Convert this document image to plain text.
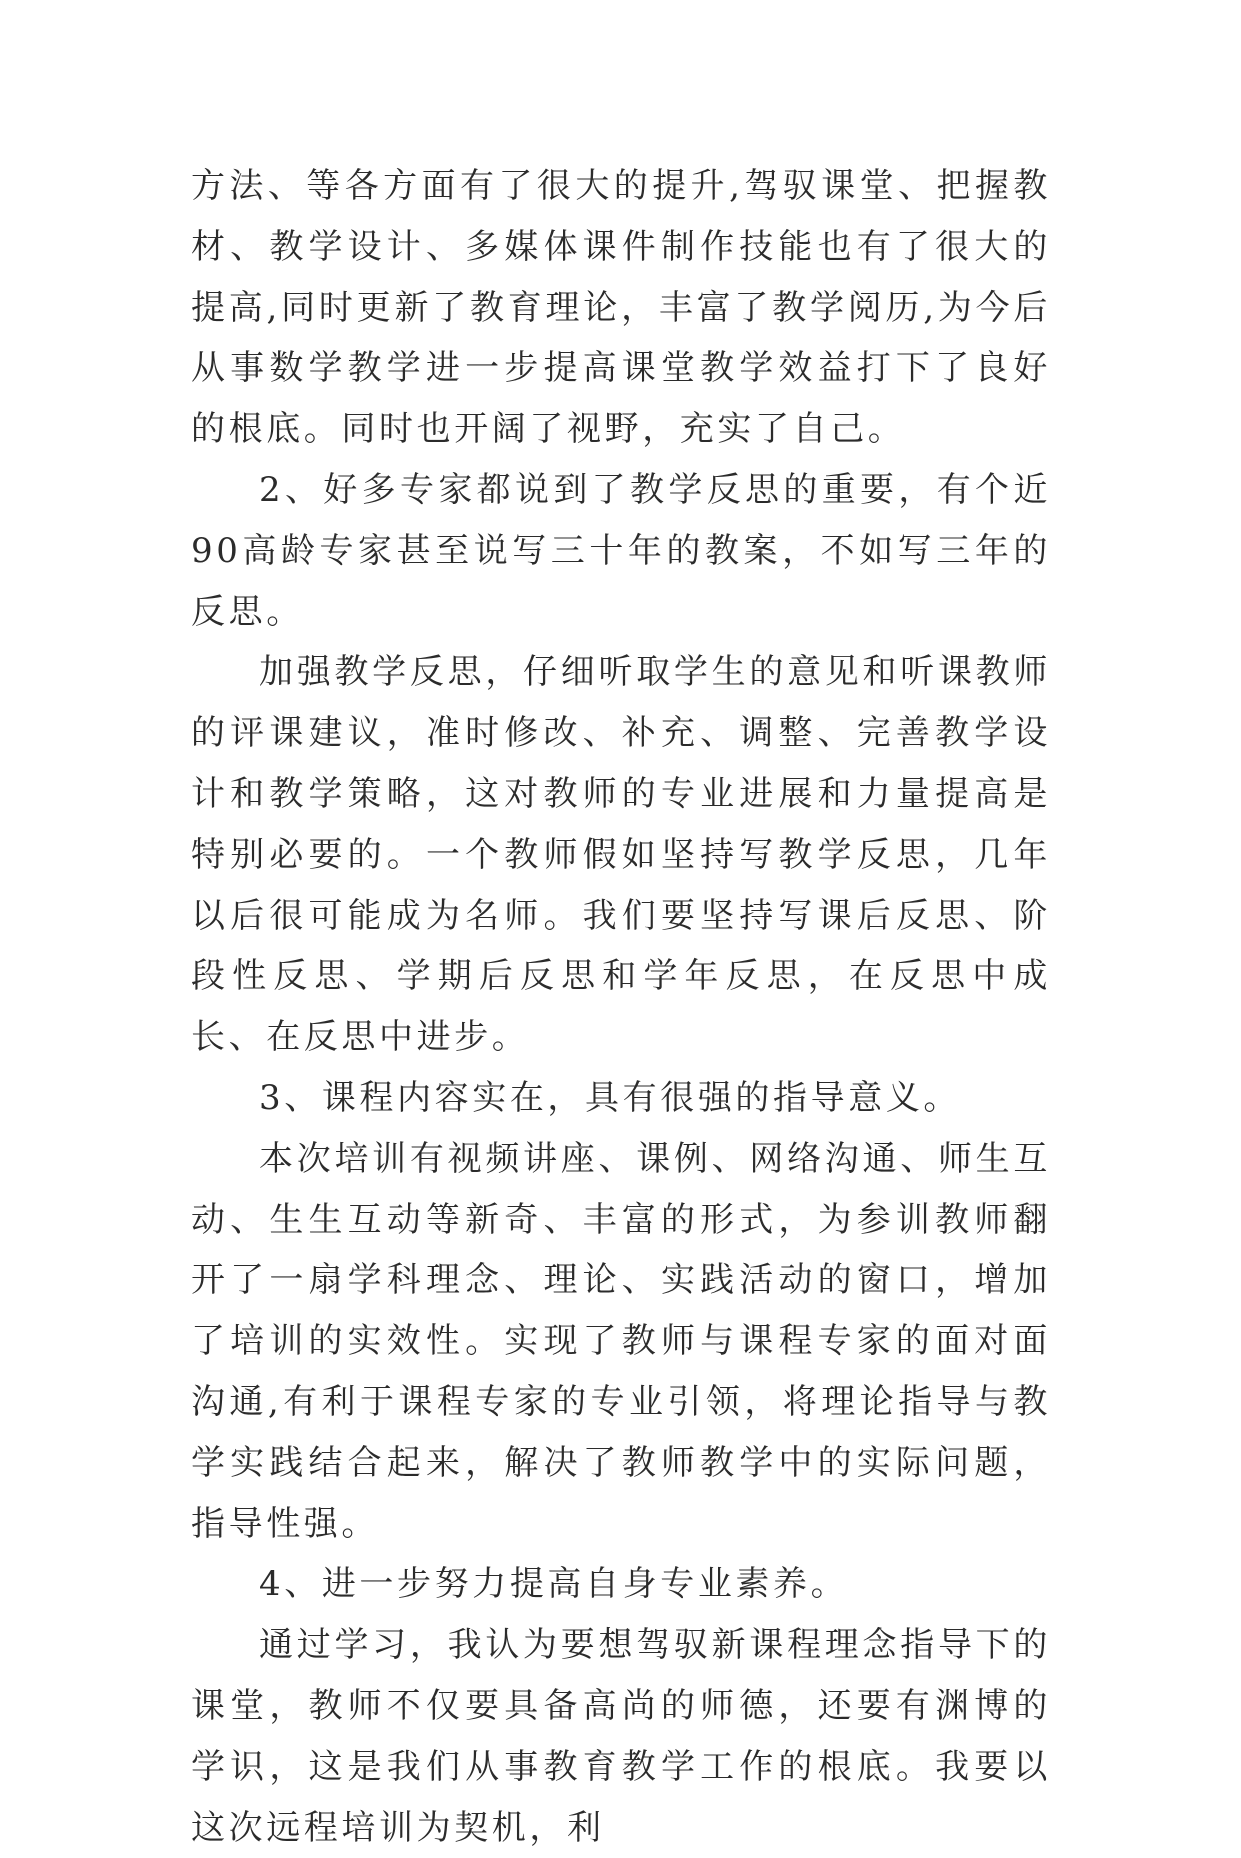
方法、等各方面有了很大的提升,驾驭课堂、把握教材、教学设计、多媒体课件制作技能也有了很大的提高,同时更新了教育理论，丰富了教学阅历,为今后从事数学教学进一步提高课堂教学效益打下了良好的根底。同时也开阔了视野，充实了自己。

2、好多专家都说到了教学反思的重要，有个近90高龄专家甚至说写三十年的教案，不如写三年的反思。

加强教学反思，仔细听取学生的意见和听课教师的评课建议，准时修改、补充、调整、完善教学设计和教学策略，这对教师的专业进展和力量提高是特别必要的。一个教师假如坚持写教学反思，几年以后很可能成为名师。我们要坚持写课后反思、阶段性反思、学期后反思和学年反思，在反思中成长、在反思中进步。

3、课程内容实在，具有很强的指导意义。

本次培训有视频讲座、课例、网络沟通、师生互动、生生互动等新奇、丰富的形式，为参训教师翻开了一扇学科理念、理论、实践活动的窗口，增加了培训的实效性。实现了教师与课程专家的面对面沟通,有利于课程专家的专业引领，将理论指导与教学实践结合起来，解决了教师教学中的实际问题，指导性强。

4、进一步努力提高自身专业素养。

通过学习，我认为要想驾驭新课程理念指导下的课堂，教师不仅要具备高尚的师德，还要有渊博的学识，这是我们从事教育教学工作的根底。我要以这次远程培训为契机，利
